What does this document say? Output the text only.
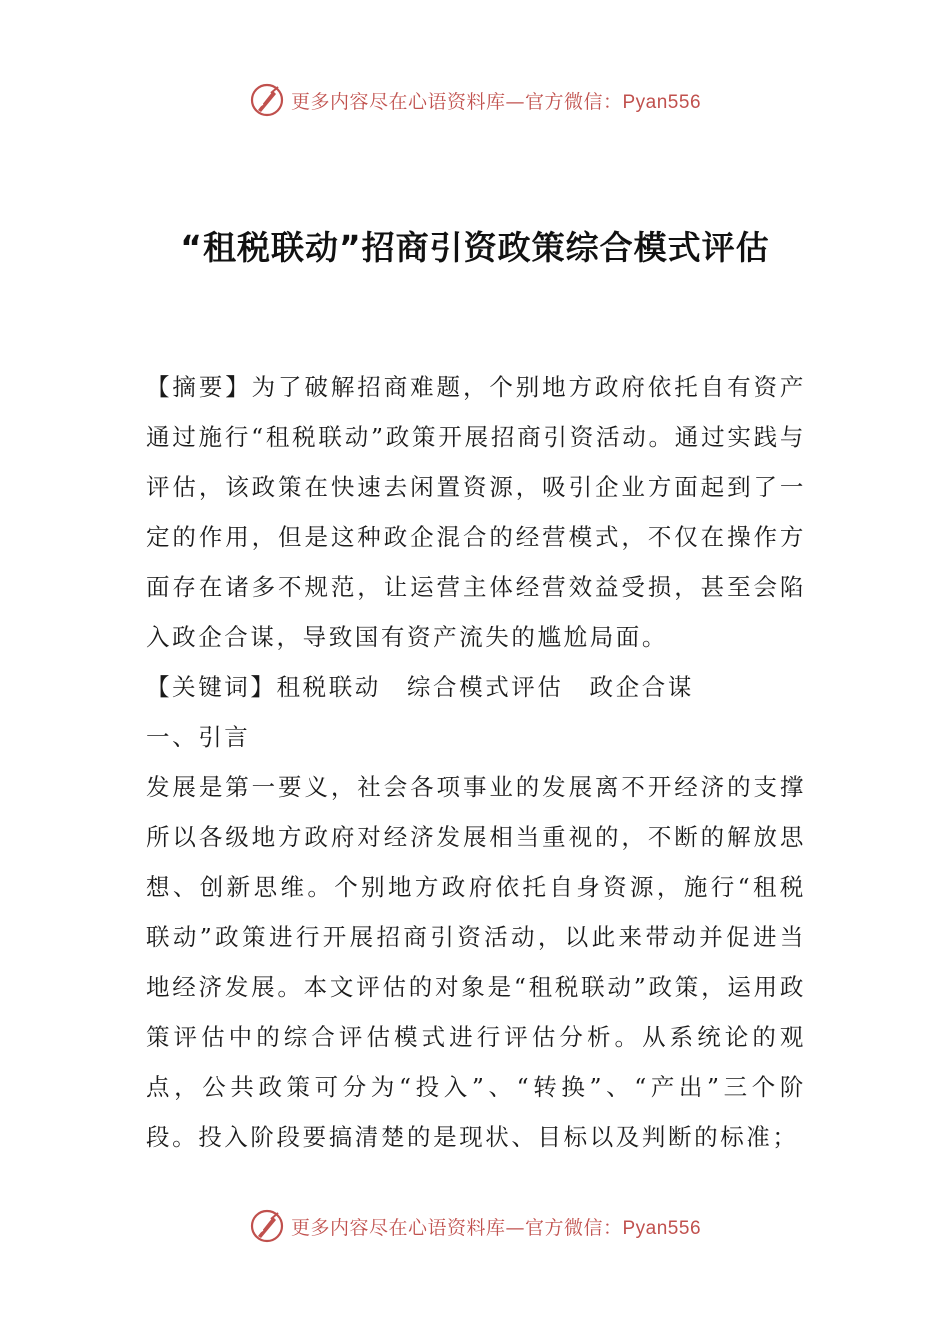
更多内容尽在心语资料库—官方微信：Pyan556
“租税联动”招商引资政策综合模式评估

【摘要】为了破解招商难题，个别地方政府依托自有资产通过施行“租税联动”政策开展招商引资活动。通过实践与评估，该政策在快速去闲置资源，吸引企业方面起到了一定的作用，但是这种政企混合的经营模式，不仅在操作方面存在诸多不规范，让运营主体经营效益受损，甚至会陷入政企合谋，导致国有资产流失的尴尬局面。

【关键词】租税联动 综合模式评估 政企合谋

一、引言

发展是第一要义，社会各项事业的发展离不开经济的支撑所以各级地方政府对经济发展相当重视的，不断的解放思想、创新思维。个别地方政府依托自身资源，施行“租税联动”政策进行开展招商引资活动，以此来带动并促进当地经济发展。本文评估的对象是“租税联动”政策，运用政策评估中的综合评估模式进行评估分析。从系统论的观点，公共政策可分为“投入”、“转换”、“产出”三个阶段。投入阶段要搞清楚的是现状、目标以及判断的标准；

更多内容尽在心语资料库—官方微信：Pyan556
